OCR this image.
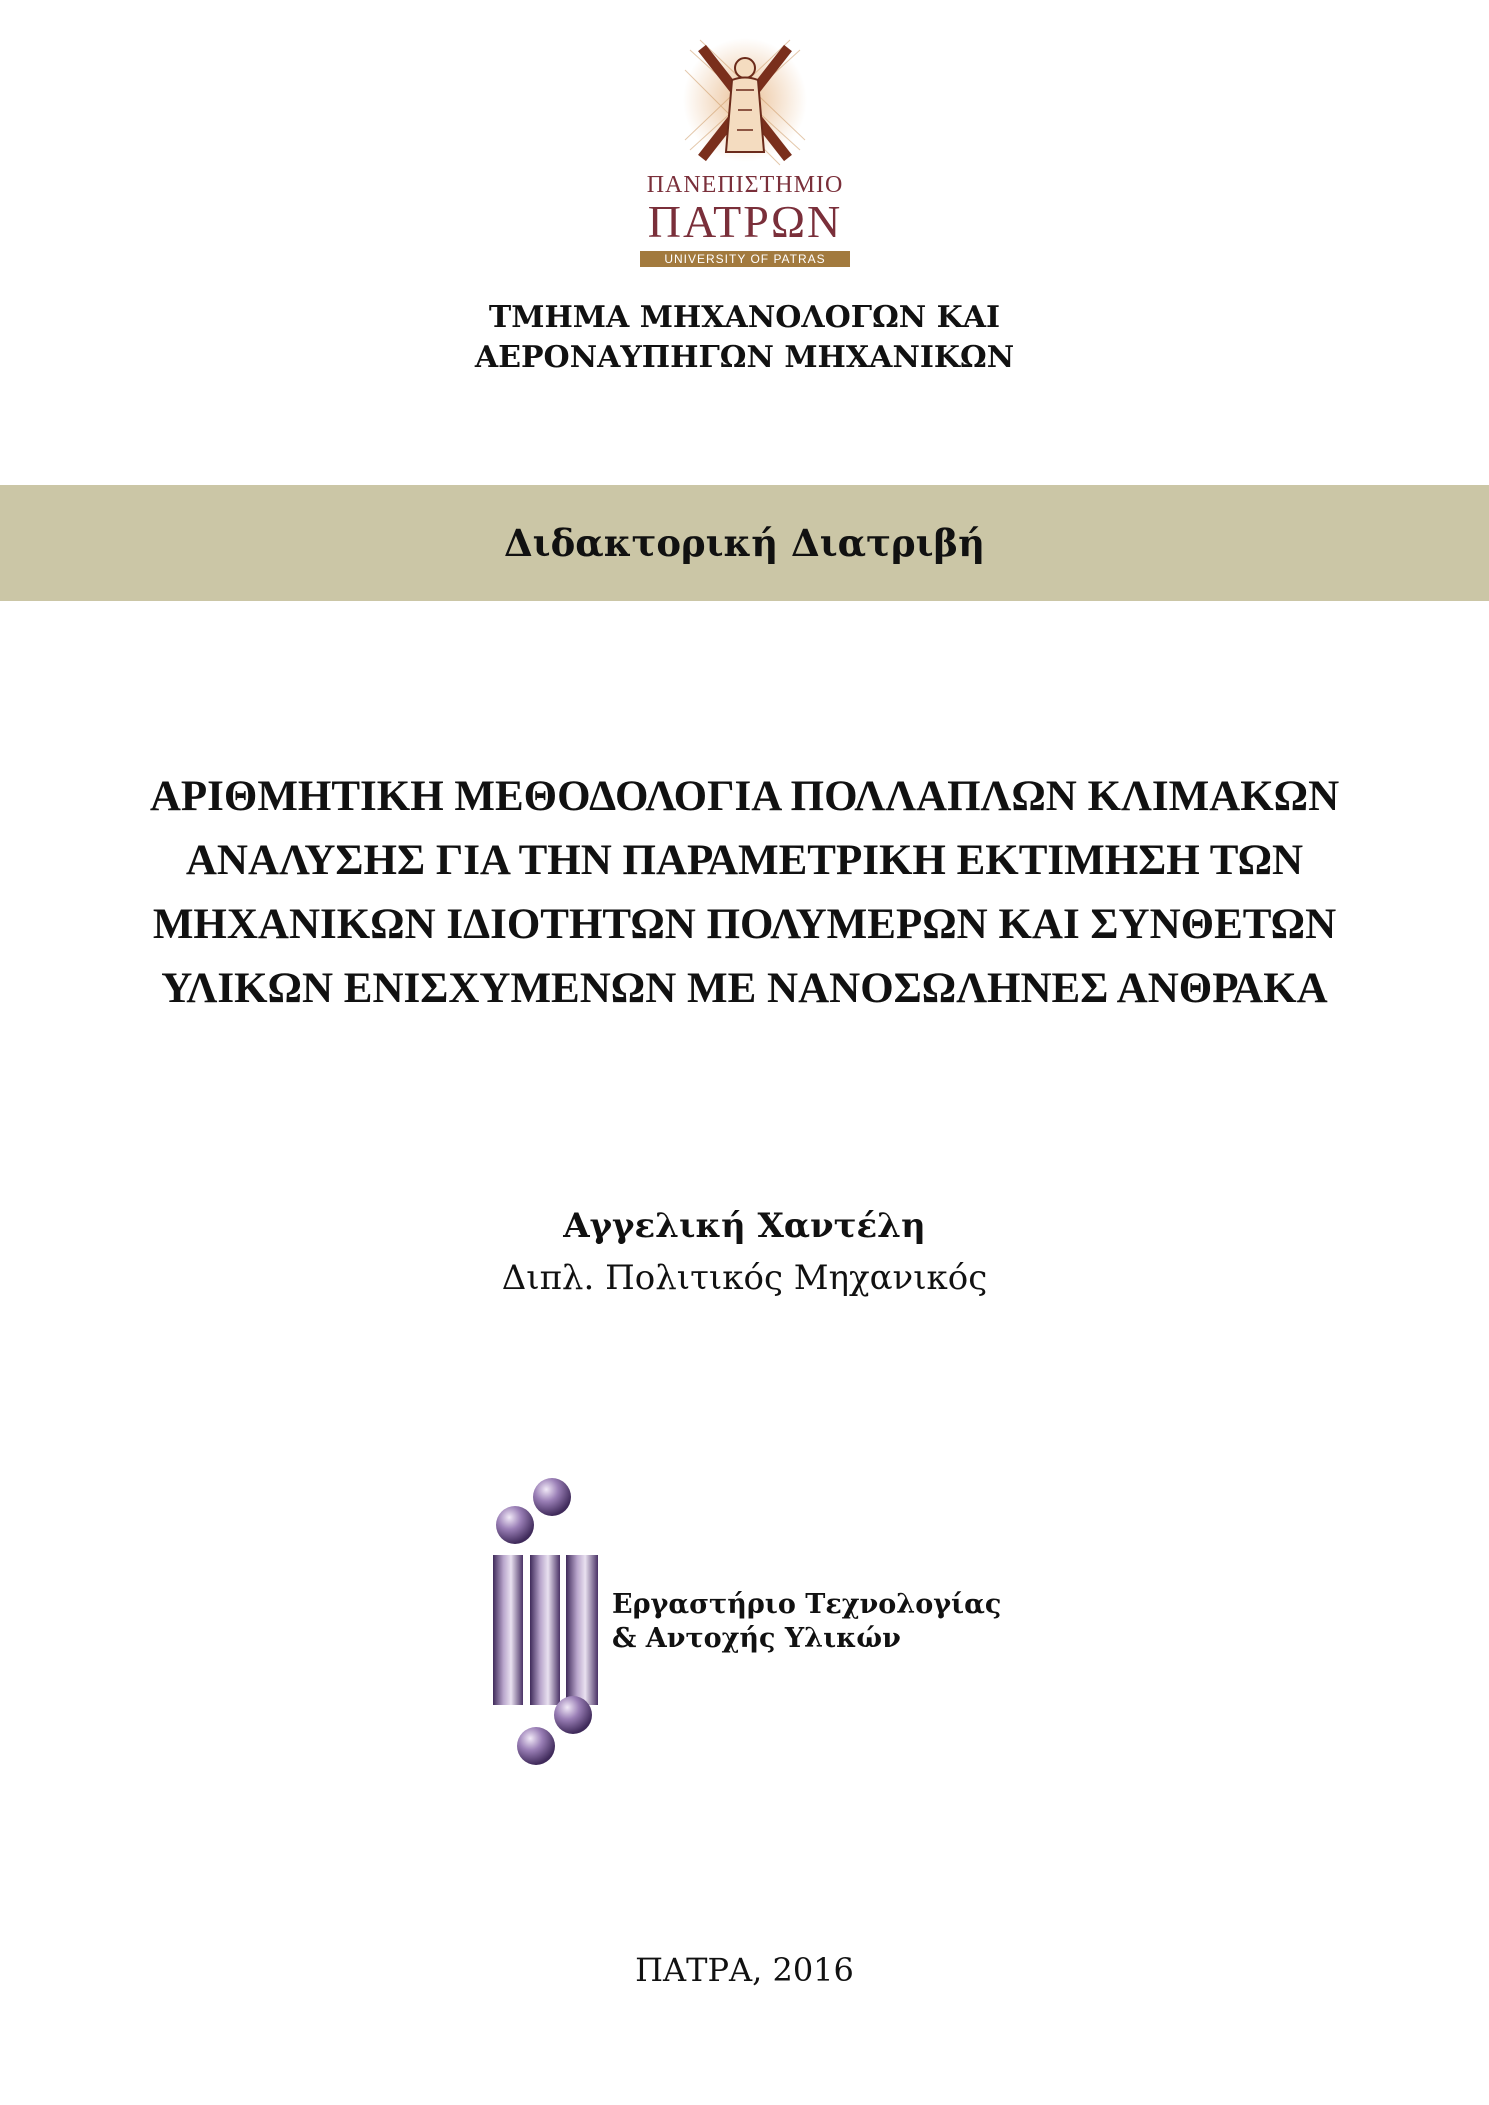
ΠΑΝΕΠΙΣΤΗΜΙΟ
ΠΑΤΡΩΝ
UNIVERSITY OF PATRAS
ΤΜΗΜΑ ΜΗΧΑΝΟΛΟΓΩΝ ΚΑΙ
ΑΕΡΟΝΑΥΠΗΓΩΝ ΜΗΧΑΝΙΚΩΝ
Διδακτορική Διατριβή
ΑΡΙΘΜΗΤΙΚΗ ΜΕΘΟΔΟΛΟΓΙΑ ΠΟΛΛΑΠΛΩΝ ΚΛΙΜΑΚΩΝ
ΑΝΑΛΥΣΗΣ ΓΙΑ ΤΗΝ ΠΑΡΑΜΕΤΡΙΚΗ ΕΚΤΙΜΗΣΗ ΤΩΝ
ΜΗΧΑΝΙΚΩΝ ΙΔΙΟΤΗΤΩΝ ΠΟΛΥΜΕΡΩΝ ΚΑΙ ΣΥΝΘΕΤΩΝ
ΥΛΙΚΩΝ ΕΝΙΣΧΥΜΕΝΩΝ ΜΕ ΝΑΝΟΣΩΛΗΝΕΣ ΑΝΘΡΑΚΑ
Αγγελική Χαντέλη
Διπλ. Πολιτικός Μηχανικός
Εργαστήριο Τεχνολογίας
& Αντοχής Υλικών
ΠΑΤΡΑ, 2016
